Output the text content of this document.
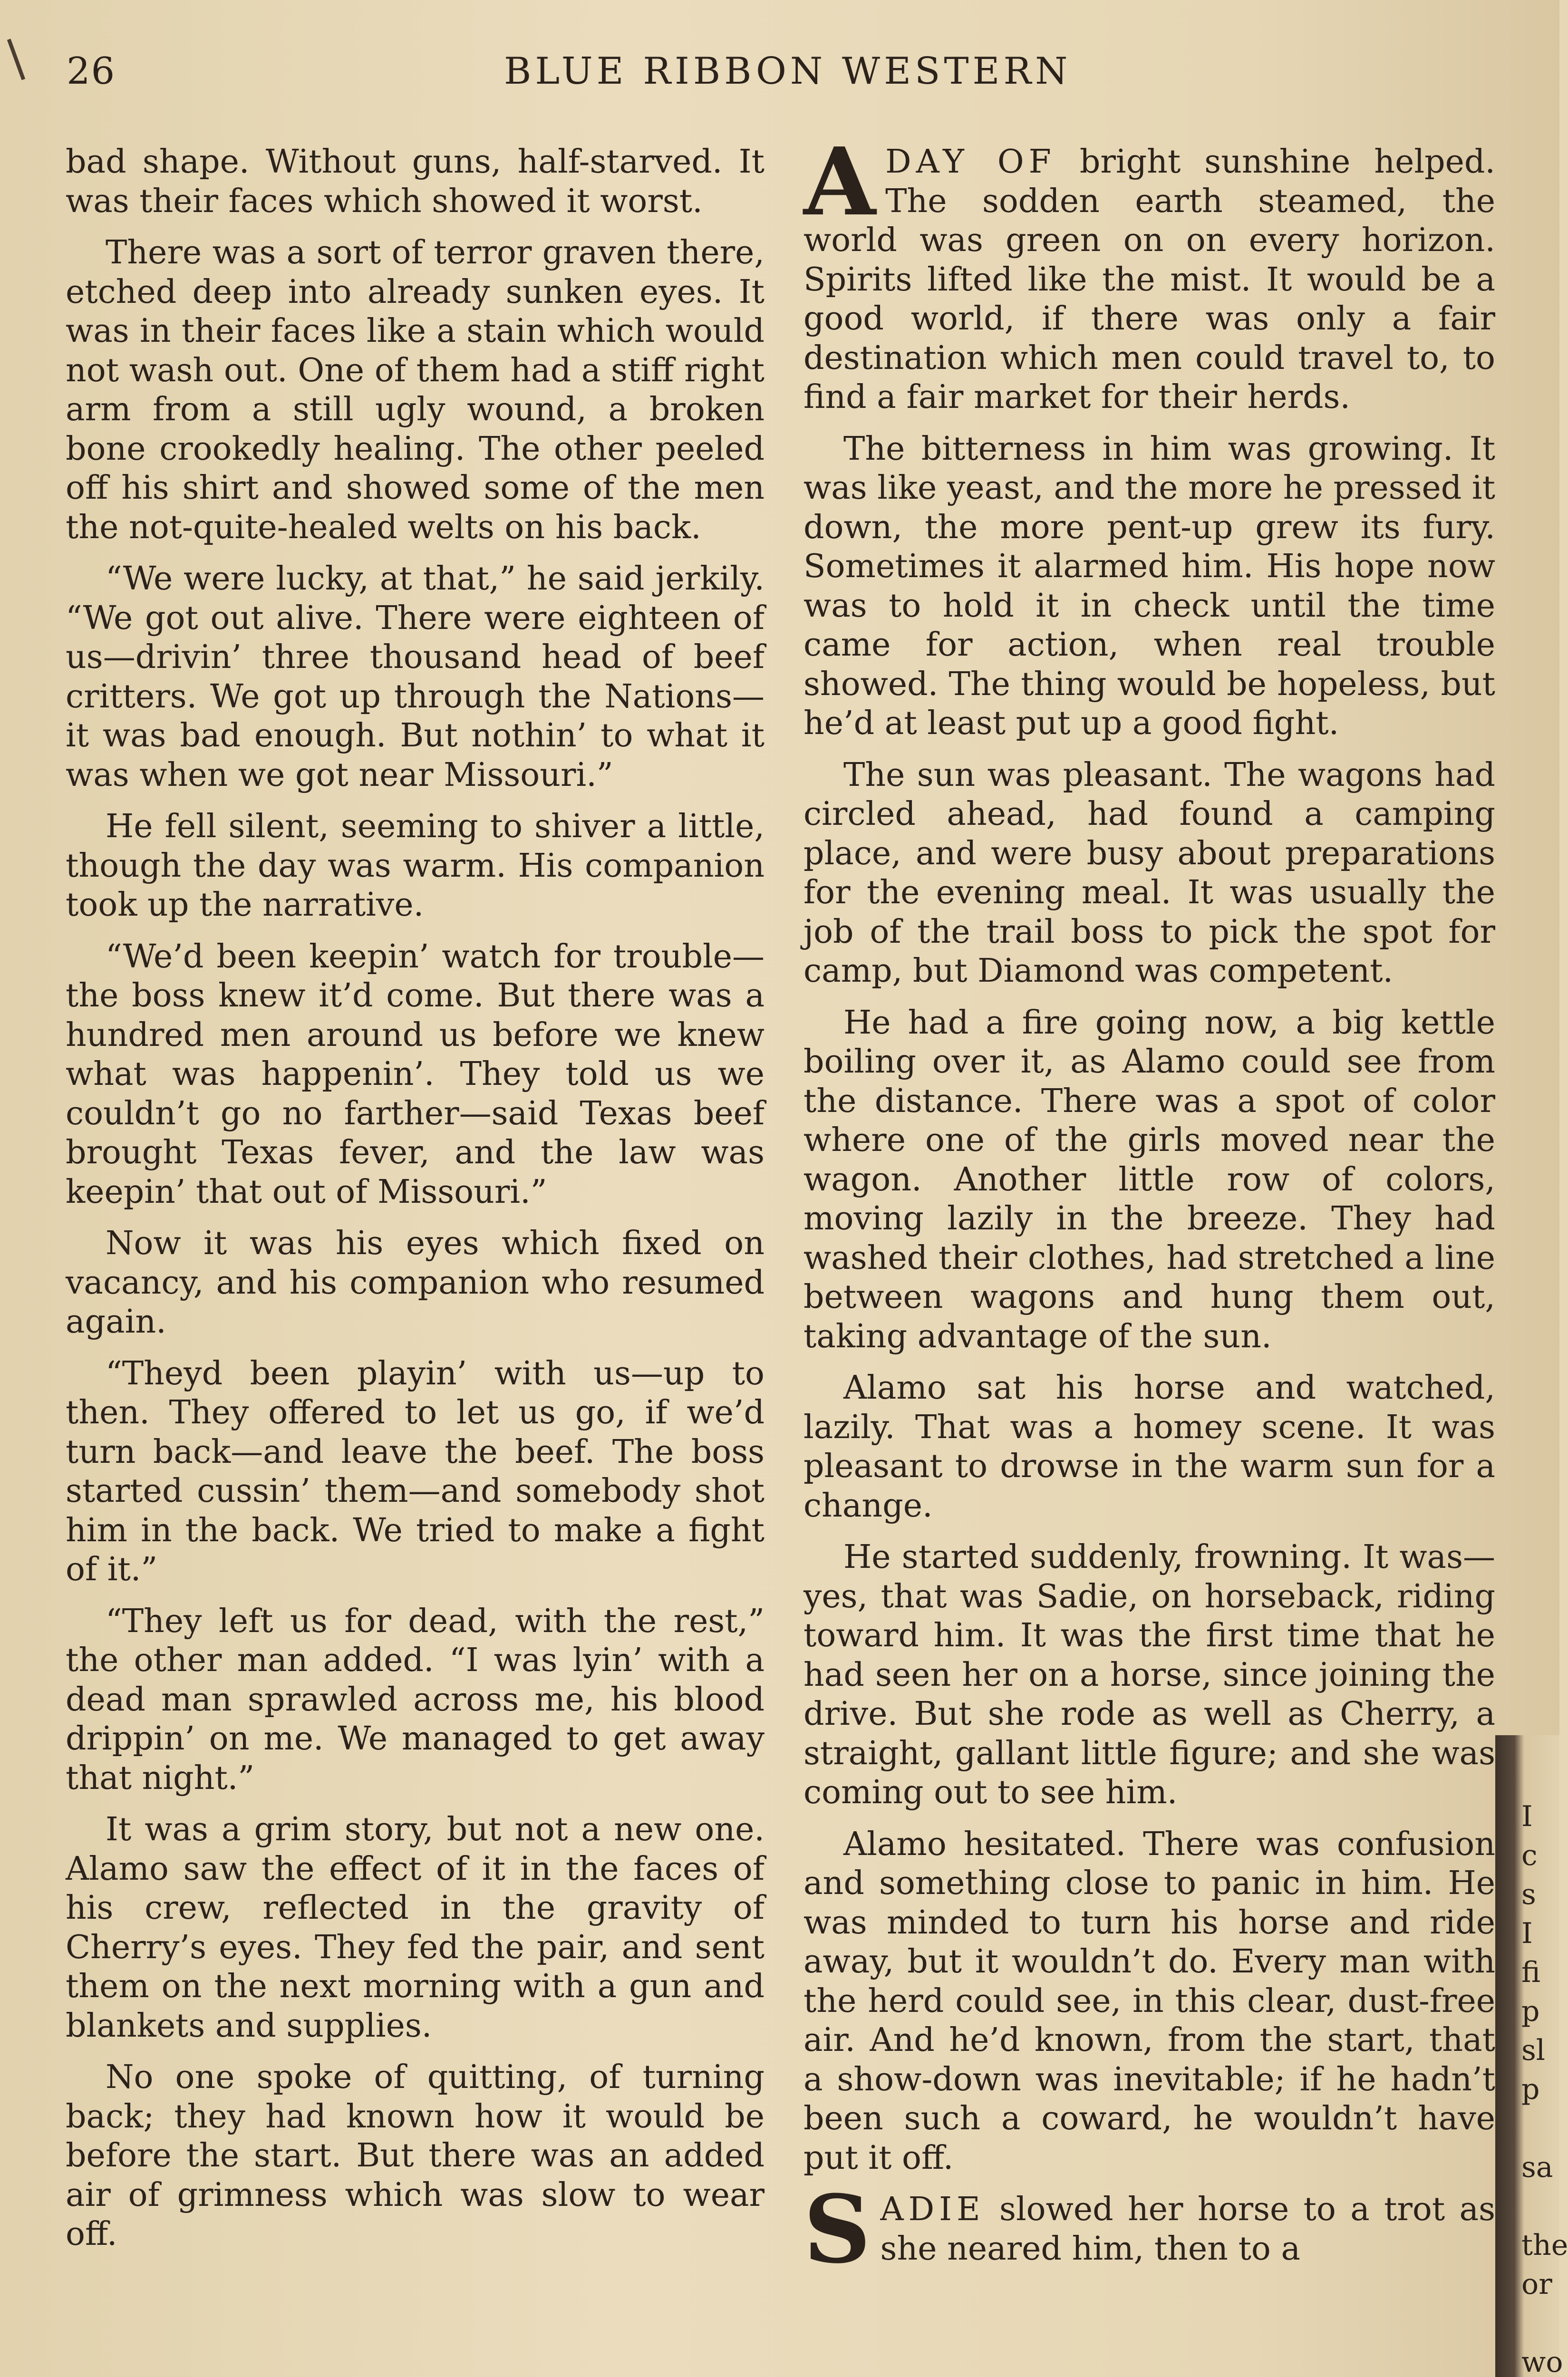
26	BLUE RIBBON WESTERN

bad shape. Without guns, half-starved. It was their faces which showed it worst.

There was a sort of terror graven there, etched deep into already sunken eyes. It was in their faces like a stain which would not wash out. One of them had a stiff right arm from a still ugly wound, a broken bone crookedly healing. The other peeled off his shirt and showed some of the men the not-quite-healed welts on his back.

“We were lucky, at that,” he said jerkily. “We got out alive. There were eighteen of us—drivin’ three thousand head of beef critters. We got up through the Nations—it was bad enough. But nothin’ to what it was when we got near Missouri.”

He fell silent, seeming to shiver a little, though the day was warm. His companion took up the narrative.

“We’d been keepin’ watch for trouble—the boss knew it’d come. But there was a hundred men around us before we knew what was happenin’. They told us we couldn’t go no farther—said Texas beef brought Texas fever, and the law was keepin’ that out of Missouri.”

Now it was his eyes which fixed on vacancy, and his companion who resumed again.

“Theyd been playin’ with us—up to then. They offered to let us go, if we’d turn back—and leave the beef. The boss started cussin’ them—and somebody shot him in the back. We tried to make a fight of it.”

“They left us for dead, with the rest,” the other man added. “I was lyin’ with a dead man sprawled across me, his blood drippin’ on me. We managed to get away that night.”

It was a grim story, but not a new one. Alamo saw the effect of it in the faces of his crew, reflected in the gravity of Cherry’s eyes. They fed the pair, and sent them on the next morning with a gun and blankets and supplies.

No one spoke of quitting, of turning back; they had known how it would be before the start. But there was an added air of grimness which was slow to wear off.

ADAY OF bright sunshine helped. The sodden earth steamed, the world was green on on every horizon. Spirits lifted like the mist. It would be a good world, if there was only a fair destination which men could travel to, to find a fair market for their herds.

The bitterness in him was growing. It was like yeast, and the more he pressed it down, the more pent-up grew its fury. Sometimes it alarmed him. His hope now was to hold it in check until the time came for action, when real trouble showed. The thing would be hopeless, but he’d at least put up a good fight.

The sun was pleasant. The wagons had circled ahead, had found a camping place, and were busy about preparations for the evening meal. It was usually the job of the trail boss to pick the spot for camp, but Diamond was competent.

He had a fire going now, a big kettle boiling over it, as Alamo could see from the distance. There was a spot of color where one of the girls moved near the wagon. Another little row of colors, moving lazily in the breeze. They had washed their clothes, had stretched a line between wagons and hung them out, taking advantage of the sun.

Alamo sat his horse and watched, lazily. That was a homey scene. It was pleasant to drowse in the warm sun for a change.

He started suddenly, frowning. It was—yes, that was Sadie, on horseback, riding toward him. It was the first time that he had seen her on a horse, since joining the drive. But she rode as well as Cherry, a straight, gallant little figure; and she was coming out to see him.

Alamo hesitated. There was confusion and something close to panic in him. He was minded to turn his horse and ride away, but it wouldn’t do. Every man with the herd could see, in this clear, dust-free air. And he’d known, from the start, that a show-down was inevitable; if he hadn’t been such a coward, he wouldn’t have put it off.

SADIE slowed her horse to a trot as she neared him, then to a

I
c
s
I
fi
p
sl
p
sa
the
or
wo
